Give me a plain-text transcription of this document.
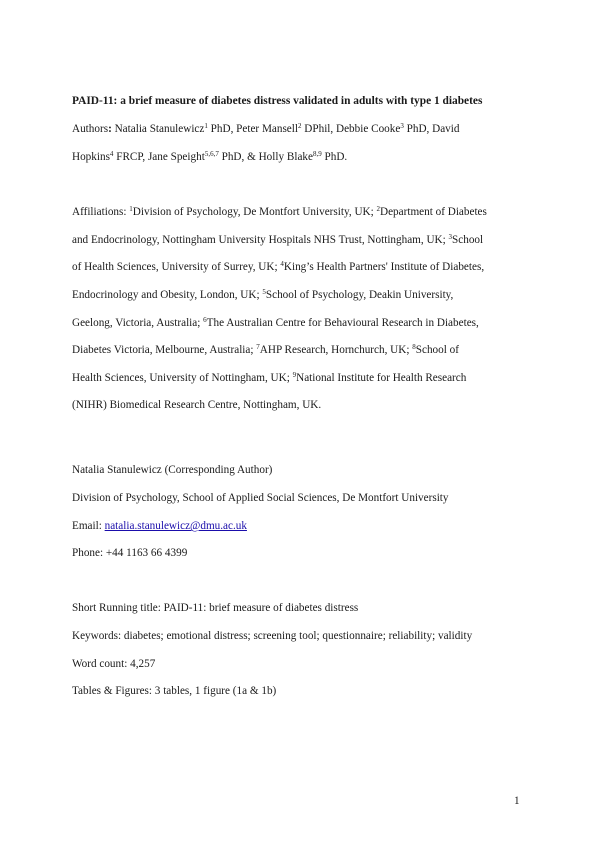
PAID-11: a brief measure of diabetes distress validated in adults with type 1 diabetes
Authors: Natalia Stanulewicz$^1$ PhD, Peter Mansell$^2$ DPhil, Debbie Cooke$^3$ PhD, David
Hopkins$^4$ FRCP, Jane Speight$^{5,6,7}$ PhD, & Holly Blake$^{8,9}$ PhD.
Affiliations: $^1$Division of Psychology, De Montfort University, UK; $^2$Department of Diabetes
and Endocrinology, Nottingham University Hospitals NHS Trust, Nottingham, UK; $^3$School
of Health Sciences, University of Surrey, UK; $^4$King’s Health Partners' Institute of Diabetes,
Endocrinology and Obesity, London, UK; $^5$School of Psychology, Deakin University,
Geelong, Victoria, Australia; $^6$The Australian Centre for Behavioural Research in Diabetes,
Diabetes Victoria, Melbourne, Australia; $^7$AHP Research, Hornchurch, UK; $^8$School of
Health Sciences, University of Nottingham, UK; $^9$National Institute for Health Research
(NIHR) Biomedical Research Centre, Nottingham, UK.
Natalia Stanulewicz (Corresponding Author)
Division of Psychology, School of Applied Social Sciences, De Montfort University
Email: natalia.stanulewicz@dmu.ac.uk
Phone: +44 1163 66 4399
Short Running title: PAID-11: brief measure of diabetes distress
Keywords: diabetes; emotional distress; screening tool; questionnaire; reliability; validity
Word count: 4,257
Tables & Figures: 3 tables, 1 figure (1a & 1b)
1
